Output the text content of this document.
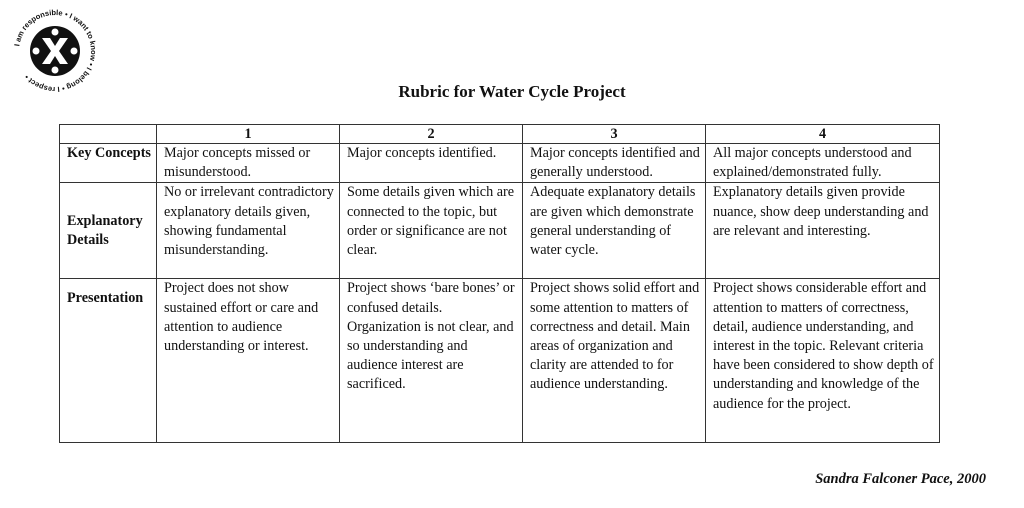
I am responsible • I want to know • I belong • I respect •
Rubric for Water Cycle Project
	1	2	3	4
Key Concepts	Major concepts missed or misunderstood.	Major concepts identified.	Major concepts identified and generally understood.	All major concepts understood and explained/demonstrated fully.
Explanatory Details	No or irrelevant contradictory explanatory details given, showing fundamental misunderstanding.	Some details given which are connected to the topic, but order or significance are not clear.	Adequate explanatory details are given which demonstrate general understanding of water cycle.	Explanatory details given provide nuance, show deep understanding and are relevant and interesting.
Presentation	Project does not show sustained effort or care and attention to audience understanding or interest.	Project shows ‘bare bones’ or confused details. Organization is not clear, and so understanding and audience interest are sacrificed.	Project shows solid effort and some attention to matters of correctness and detail. Main areas of organization and clarity are attended to for audience understanding.	Project shows considerable effort and attention to matters of correctness, detail, audience understanding, and interest in the topic. Relevant criteria have been considered to show depth of understanding and knowledge of the audience for the project.
Sandra Falconer Pace, 2000
